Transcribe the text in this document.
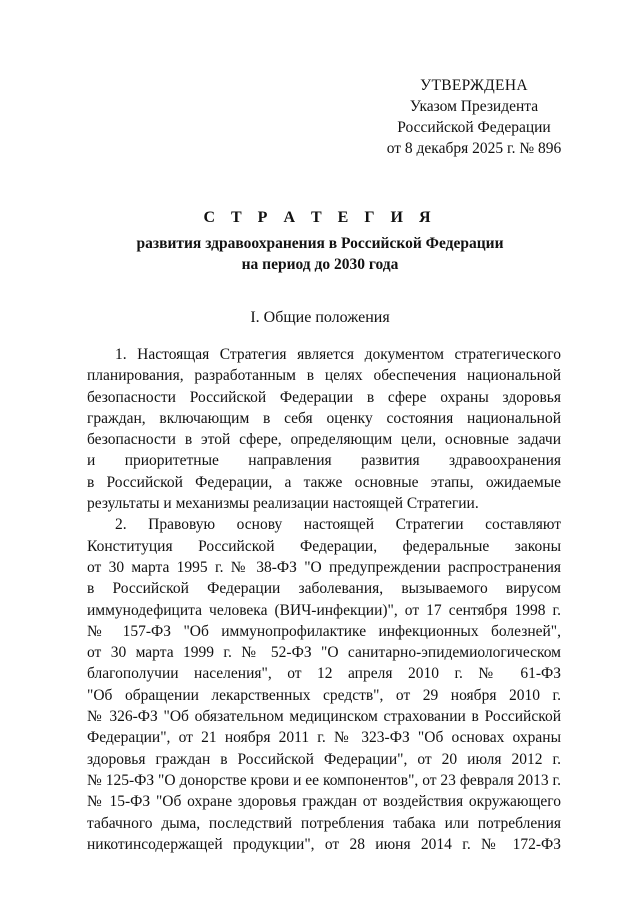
УТВЕРЖДЕНА
Указом Президента
Российской Федерации
от 8 декабря 2025 г. № 896
С Т Р А Т Е Г И Я
развития здравоохранения в Российской Федерации
на период до 2030 года
I. Общие положения
1. Настоящая Стратегия является документом стратегического
планирования, разработанным в целях обеспечения национальной
безопасности Российской Федерации в сфере охраны здоровья
граждан, включающим в себя оценку состояния национальной
безопасности в этой сфере, определяющим цели, основные задачи
и приоритетные направления развития здравоохранения
в Российской Федерации, а также основные этапы, ожидаемые
результаты и механизмы реализации настоящей Стратегии.
2. Правовую основу настоящей Стратегии составляют
Конституция Российской Федерации, федеральные законы
от 30 марта 1995 г. № 38-ФЗ "О предупреждении распространения
в Российской Федерации заболевания, вызываемого вирусом
иммунодефицита человека (ВИЧ-инфекции)", от 17 сентября 1998 г.
№ 157-ФЗ "Об иммунопрофилактике инфекционных болезней",
от 30 марта 1999 г. № 52-ФЗ "О санитарно-эпидемиологическом
благополучии населения", от 12 апреля 2010 г. № 61-ФЗ
"Об обращении лекарственных средств", от 29 ноября 2010 г.
№ 326-ФЗ "Об обязательном медицинском страховании в Российской
Федерации", от 21 ноября 2011 г. № 323-ФЗ "Об основах охраны
здоровья граждан в Российской Федерации", от 20 июля 2012 г.
№ 125-ФЗ "О донорстве крови и ее компонентов", от 23 февраля 2013 г.
№ 15-ФЗ "Об охране здоровья граждан от воздействия окружающего
табачного дыма, последствий потребления табака или потребления
никотинсодержащей продукции", от 28 июня 2014 г. № 172-ФЗ
